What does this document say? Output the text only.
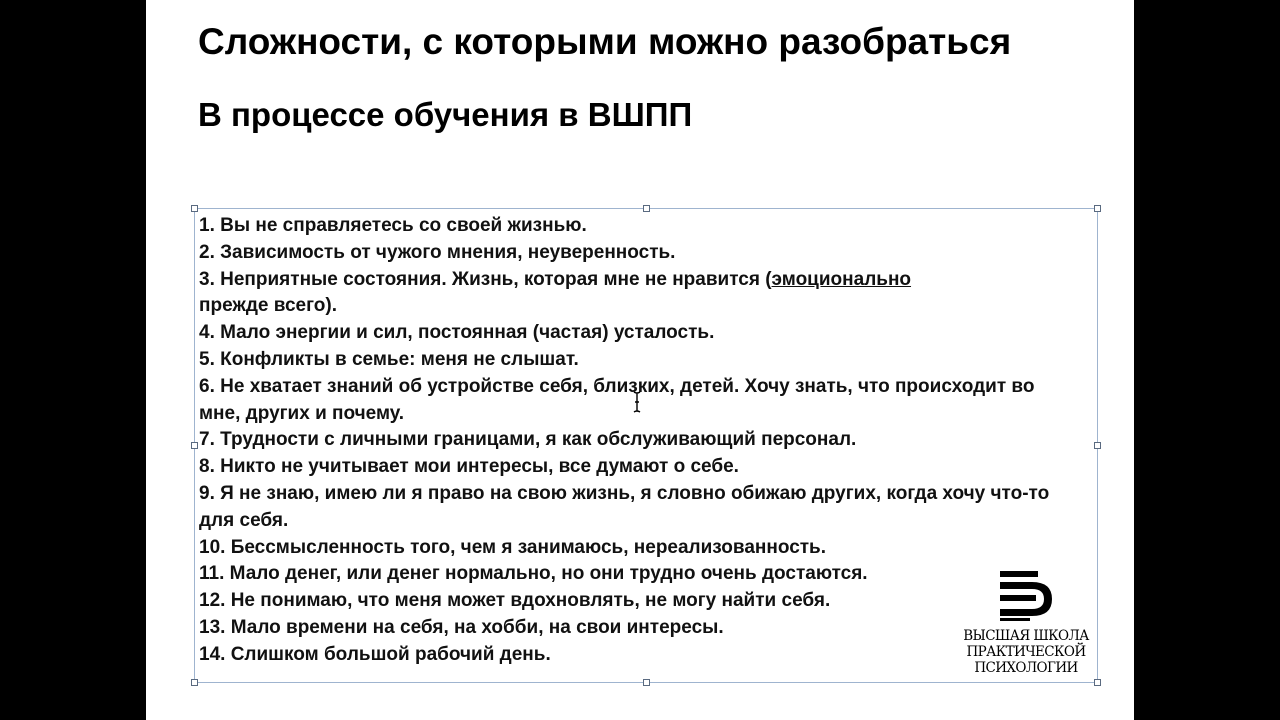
Сложности, с которыми можно разобраться
В процессе обучения в ВШПП
1. Вы не справляетесь со своей жизнью.
2. Зависимость от чужого мнения, неуверенность.
3. Неприятные состояния. Жизнь, которая мне не нравится (эмоционально
прежде всего).
4. Мало энергии и сил, постоянная (частая) усталость.
5. Конфликты в семье: меня не слышат.
6. Не хватает знаний об устройстве себя, близких, детей. Хочу знать, что происходит во мне, других и почему.
7. Трудности с личными границами, я как обслуживающий персонал.
8. Никто не учитывает мои интересы, все думают о себе.
9. Я не знаю, имею ли я право на свою жизнь, я словно обижаю других, когда хочу что-то для себя.
10. Бессмысленность того, чем я занимаюсь, нереализованность.
11. Мало денег, или денег нормально, но они трудно очень достаются.
12. Не понимаю, что меня может вдохновлять, не могу найти себя.
13. Мало времени на себя, на хобби, на свои интересы.
14. Слишком большой рабочий день.

ВЫСШАЯ ШКОЛА
ПРАКТИЧЕСКОЙ
ПСИХОЛОГИИ
